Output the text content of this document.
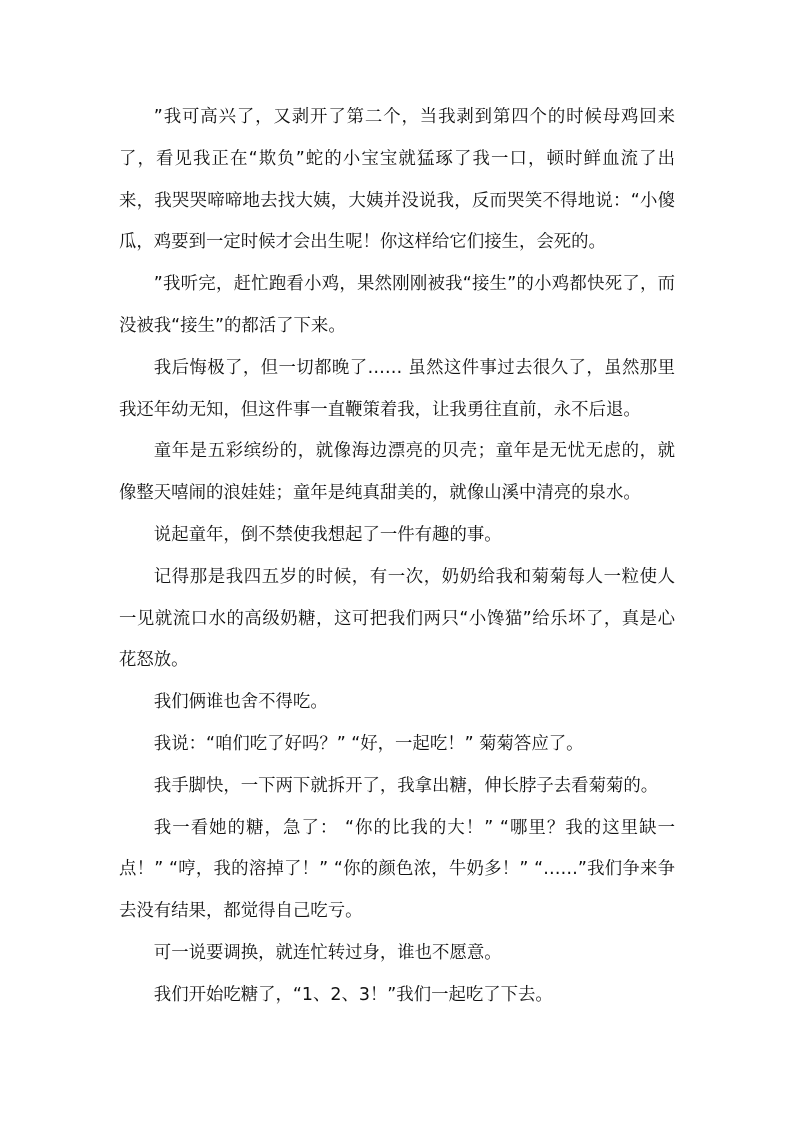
”我可高兴了，又剥开了第二个，当我剥到第四个的时候母鸡回来了，看见我正在“欺负”蛇的小宝宝就猛琢了我一口，顿时鲜血流了出来，我哭哭啼啼地去找大姨，大姨并没说我，反而哭笑不得地说：“小傻瓜，鸡要到一定时候才会出生呢！你这样给它们接生，会死的。

”我听完，赶忙跑看小鸡，果然刚刚被我“接生”的小鸡都快死了，而没被我“接生”的都活了下来。

我后悔极了，但一切都晚了…… 虽然这件事过去很久了，虽然那里我还年幼无知，但这件事一直鞭策着我，让我勇往直前，永不后退。

童年是五彩缤纷的，就像海边漂亮的贝壳；童年是无忧无虑的，就像整天嘻闹的浪娃娃；童年是纯真甜美的，就像山溪中清亮的泉水。

说起童年，倒不禁使我想起了一件有趣的事。

记得那是我四五岁的时候，有一次，奶奶给我和菊菊每人一粒使人一见就流口水的高级奶糖，这可把我们两只“小馋猫”给乐坏了，真是心花怒放。

我们俩谁也舍不得吃。

我说：“咱们吃了好吗？” “好，一起吃！” 菊菊答应了。

我手脚快，一下两下就拆开了，我拿出糖，伸长脖子去看菊菊的。

我一看她的糖，急了： “你的比我的大！” “哪里？我的这里缺一点！” “哼，我的溶掉了！” “你的颜色浓，牛奶多！” “……”我们争来争去没有结果，都觉得自己吃亏。

可一说要调换，就连忙转过身，谁也不愿意。

我们开始吃糖了，“1、2、3！”我们一起吃了下去。
